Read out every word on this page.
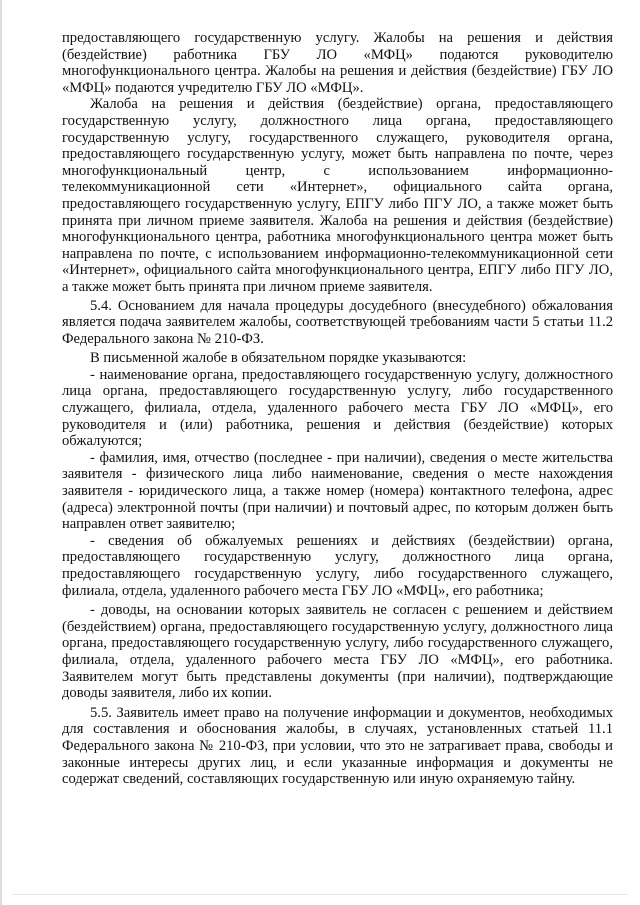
предоставляющего государственную услугу. Жалобы на решения и действия (бездействие) работника ГБУ ЛО «МФЦ» подаются руководителю многофункционального центра. Жалобы на решения и действия (бездействие) ГБУ ЛО «МФЦ» подаются учредителю ГБУ ЛО «МФЦ».

Жалоба на решения и действия (бездействие) органа, предоставляющего государственную услугу, должностного лица органа, предоставляющего государственную услугу, государственного служащего, руководителя органа, предоставляющего государственную услугу, может быть направлена по почте, через многофункциональный центр, с использованием информационно-телекоммуникационной сети «Интернет», официального сайта органа, предоставляющего государственную услугу, ЕПГУ либо ПГУ ЛО, а также может быть принята при личном приеме заявителя. Жалоба на решения и действия (бездействие) многофункционального центра, работника многофункционального центра может быть направлена по почте, с использованием информационно-телекоммуникационной сети «Интернет», официального сайта многофункционального центра, ЕПГУ либо ПГУ ЛО, а также может быть принята при личном приеме заявителя.

5.4. Основанием для начала процедуры досудебного (внесудебного) обжалования является подача заявителем жалобы, соответствующей требованиям части 5 статьи 11.2 Федерального закона № 210-ФЗ.

В письменной жалобе в обязательном порядке указываются:

- наименование органа, предоставляющего государственную услугу, должностного лица органа, предоставляющего государственную услугу, либо государственного служащего, филиала, отдела, удаленного рабочего места ГБУ ЛО «МФЦ», его руководителя и (или) работника, решения и действия (бездействие) которых обжалуются;

- фамилия, имя, отчество (последнее - при наличии), сведения о месте жительства заявителя - физического лица либо наименование, сведения о месте нахождения заявителя - юридического лица, а также номер (номера) контактного телефона, адрес (адреса) электронной почты (при наличии) и почтовый адрес, по которым должен быть направлен ответ заявителю;

- сведения об обжалуемых решениях и действиях (бездействии) органа, предоставляющего государственную услугу, должностного лица органа, предоставляющего государственную услугу, либо государственного служащего, филиала, отдела, удаленного рабочего места ГБУ ЛО «МФЦ», его работника;

- доводы, на основании которых заявитель не согласен с решением и действием (бездействием) органа, предоставляющего государственную услугу, должностного лица органа, предоставляющего государственную услугу, либо государственного служащего, филиала, отдела, удаленного рабочего места ГБУ ЛО «МФЦ», его работника. Заявителем могут быть представлены документы (при наличии), подтверждающие доводы заявителя, либо их копии.

5.5. Заявитель имеет право на получение информации и документов, необходимых для составления и обоснования жалобы, в случаях, установленных статьей 11.1 Федерального закона № 210-ФЗ, при условии, что это не затрагивает права, свободы и законные интересы других лиц, и если указанные информация и документы не содержат сведений, составляющих государственную или иную охраняемую тайну.
